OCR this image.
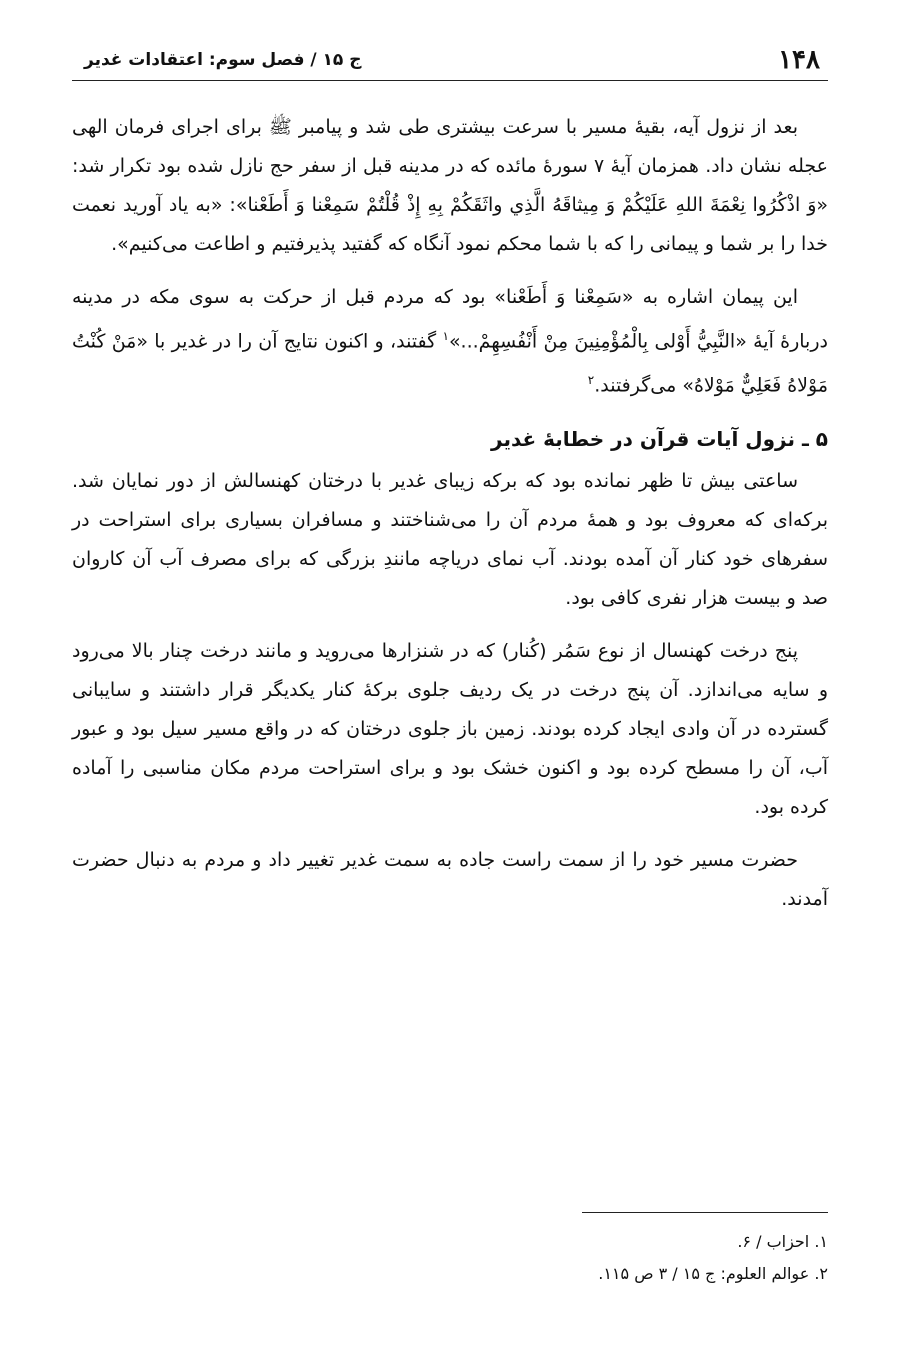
۱۴۸
ج ۱۵ / فصل سوم: اعتقادات غدیر

بعد از نزول آیه، بقیهٔ مسیر با سرعت بیشتری طی شد و پیامبر ﷺ برای اجرای فرمان الهی عجله نشان داد. همزمان آیهٔ ۷ سورهٔ مائده که در مدینه قبل از سفر حج نازل شده بود تکرار شد: «وَ اذْكُرُوا نِعْمَةَ اللهِ عَلَيْكُمْ وَ مِيثاقَهُ الَّذِي واثَقَكُمْ بِهِ إِذْ قُلْتُمْ سَمِعْنا وَ أَطَعْنا»: «به یاد آورید نعمت خدا را بر شما و پیمانی را که با شما محکم نمود آنگاه که گفتید پذیرفتیم و اطاعت می‌کنیم».

این پیمان اشاره به «سَمِعْنا وَ أَطَعْنا» بود که مردم قبل از حرکت به سوی مکه در مدینه دربارهٔ آیهٔ «النَّبِيُّ أَوْلى بِالْمُؤْمِنِينَ مِنْ أَنْفُسِهِمْ...»$^۱$ گفتند، و اکنون نتایج آن را در غدیر با «مَنْ كُنْتُ مَوْلاهُ فَعَلِيٌّ مَوْلاهُ» می‌گرفتند.$^۲$

۵ ـ نزول آیات قرآن در خطابهٔ غدیر

ساعتی بیش تا ظهر نمانده بود که برکه زیبای غدیر با درختان کهنسالش از دور نمایان شد. برکه‌ای که معروف بود و همهٔ مردم آن را می‌شناختند و مسافران بسیاری برای استراحت در سفرهای خود کنار آن آمده بودند. آب نمای دریاچه مانندِ بزرگی که برای مصرف آب آن کاروان صد و بیست هزار نفری کافی بود.

پنج درخت کهنسال از نوع سَمُر (کُنار) که در شنزارها می‌روید و مانند درخت چنار بالا می‌رود و سایه می‌اندازد. آن پنج درخت در یک ردیف جلوی برکهٔ کنار یکدیگر قرار داشتند و سایبانی گسترده در آن وادی ایجاد کرده بودند. زمین باز جلوی درختان که در واقع مسیر سیل بود و عبور آب، آن را مسطح کرده بود و اکنون خشک بود و برای استراحت مردم مکان مناسبی را آماده کرده بود.

حضرت مسیر خود را از سمت راست جاده به سمت غدیر تغییر داد و مردم به دنبال حضرت آمدند.

۱. احزاب / ۶.

۲. عوالم العلوم: ج ۱۵ / ۳ ص ۱۱۵.
